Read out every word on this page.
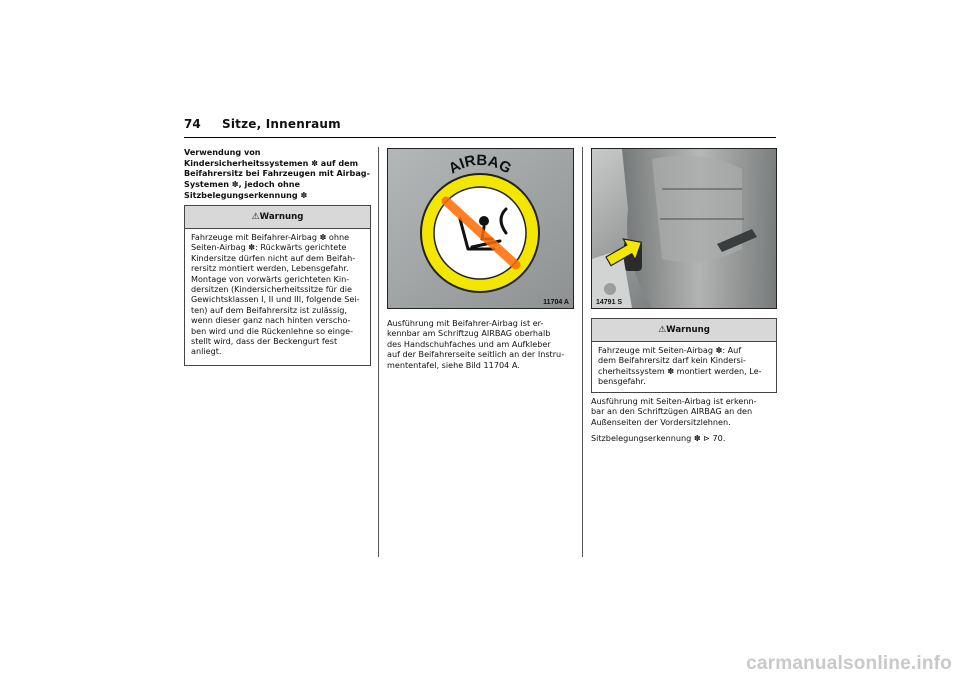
74 Sitze, Innenraum
Verwendung von
Kindersicherheitssystemen ✽ auf dem
Beifahrersitz bei Fahrzeugen mit Airbag-
Systemen ✽, jedoch ohne
Sitzbelegungserkennung ✽
⚠Warnung
Fahrzeuge mit Beifahrer-Airbag ✽ ohne
Seiten-Airbag ✽: Rückwärts gerichtete
Kindersitze dürfen nicht auf dem Beifah-
rersitz montiert werden, Lebensgefahr.
Montage von vorwärts gerichteten Kin-
dersitzen (Kindersicherheitssitze für die
Gewichtsklassen I, II und III, folgende Sei-
ten) auf dem Beifahrersitz ist zulässig,
wenn dieser ganz nach hinten verscho-
ben wird und die Rückenlehne so einge-
stellt wird, dass der Beckengurt fest
anliegt.
AIRBAG
11704 A
Ausführung mit Beifahrer-Airbag ist er-
kennbar am Schriftzug AIRBAG oberhalb
des Handschuhfaches und am Aufkleber
auf der Beifahrerseite seitlich an der Instru-
mententafel, siehe Bild 11704 A.
14791 S
⚠Warnung
Fahrzeuge mit Seiten-Airbag ✽: Auf
dem Beifahrersitz darf kein Kindersi-
cherheitssystem ✽ montiert werden, Le-
bensgefahr.
Ausführung mit Seiten-Airbag ist erkenn-
bar an den Schriftzügen AIRBAG an den
Außenseiten der Vordersitzlehnen.
Sitzbelegungserkennung ✽ ⊳ 70.
carmanualsonline.info
